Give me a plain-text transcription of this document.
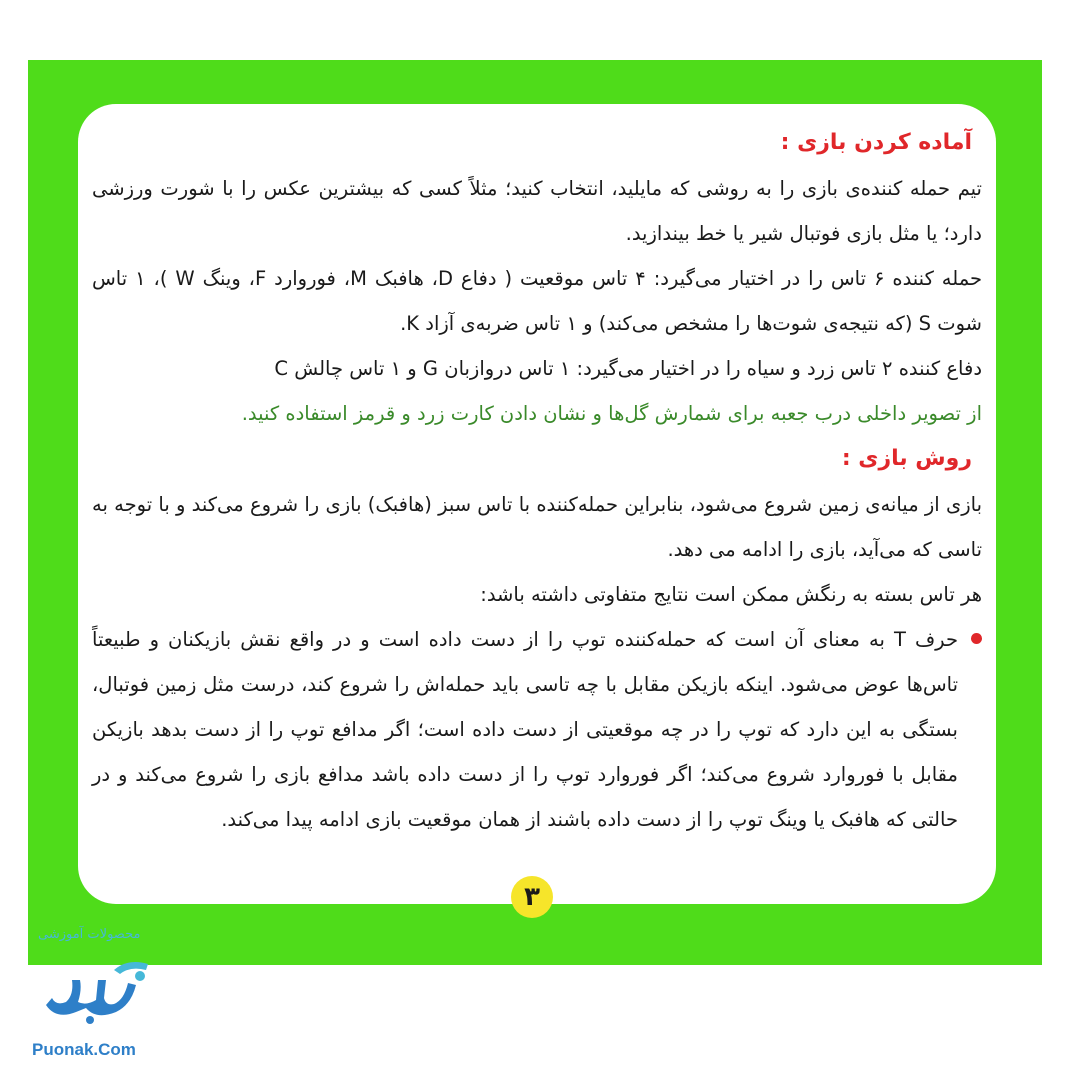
آماده کردن بازی :

تیم حمله کننده‌ی بازی را به روشی که مایلید، انتخاب کنید؛ مثلاً کسی که بیشترین عکس را با شورت ورزشی دارد؛ یا مثل بازی فوتبال شیر یا خط بیندازید.

حمله کننده ۶ تاس را در اختیار می‌گیرد: ۴ تاس موقعیت ( دفاع D، هافبک M، فوروارد F، وینگ W )، ۱ تاس شوت S (که نتیجه‌ی شوت‌ها را مشخص می‌کند) و ۱ تاس ضربه‌ی آزاد K.

دفاع کننده ۲ تاس زرد و سیاه را در اختیار می‌گیرد: ۱ تاس دروازبان G و ۱ تاس چالش C

از تصویر داخلی درب جعبه برای شمارش گل‌ها و نشان دادن کارت زرد و قرمز استفاده کنید.

روش بازی :

بازی از میانه‌ی زمین شروع می‌شود، بنابراین حمله‌کننده با تاس سبز (هافبک) بازی را شروع می‌کند و با توجه به تاسی که می‌آید، بازی را ادامه می دهد.

هر تاس بسته به رنگش ممکن است نتایج متفاوتی داشته باشد:

حرف T به معنای آن است که حمله‌کننده توپ را از دست داده است و در واقع نقش بازیکنان و طبیعتاً تاس‌ها عوض می‌شود. اینکه بازیکن مقابل با چه تاسی باید حمله‌اش را شروع کند، درست مثل زمین فوتبال، بستگی به این دارد که توپ را در چه موقعیتی از دست داده است؛ اگر مدافع توپ را از دست بدهد بازیکن مقابل با فوروارد شروع می‌کند؛ اگر فوروارد توپ را از دست داده باشد مدافع بازی را شروع می‌کند و در حالتی که هافبک یا وینگ توپ را از دست داده باشند از همان موقعیت بازی ادامه پیدا می‌کند.

۳
محصولات آموزشی
Puonak.Com
